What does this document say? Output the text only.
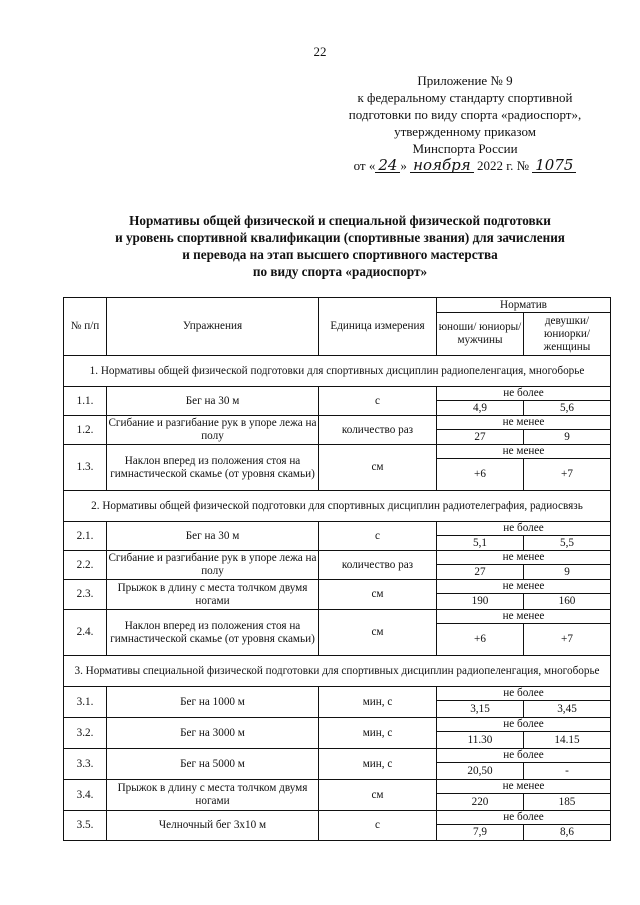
22
Приложение № 9
к федеральному стандарту спортивной
подготовки по виду спорта «радиоспорт»,
утвержденному приказом
Минспорта России
от « 24 » ноября 2022 г. № 1075
Нормативы общей физической и специальной физической подготовки
и уровень спортивной квалификации (спортивные звания) для зачисления
и перевода на этап высшего спортивного мастерства
по виду спорта «радиоспорт»
№ п/п	Упражнения	Единица измерения	Норматив	
			юноши/ юниоры/ мужчины	девушки/ юниорки/ женщины
1. Нормативы общей физической подготовки для спортивных дисциплин радиопеленгация, многоборье				
1.1.	Бег на 30 м	с	не более	
			4,9	5,6
1.2.	Сгибание и разгибание рук в упоре лежа на полу	количество раз	не менее	
			27	9
1.3.	Наклон вперед из положения стоя на гимнастической скамье (от уровня скамьи)	см	не менее	
			+6	+7
2. Нормативы общей физической подготовки для спортивных дисциплин радиотелеграфия, радиосвязь				
2.1.	Бег на 30 м	с	не более	
			5,1	5,5
2.2.	Сгибание и разгибание рук в упоре лежа на полу	количество раз	не менее	
			27	9
2.3.	Прыжок в длину с места толчком двумя ногами	см	не менее	
			190	160
2.4.	Наклон вперед из положения стоя на гимнастической скамье (от уровня скамьи)	см	не менее	
			+6	+7
3. Нормативы специальной физической подготовки для спортивных дисциплин радиопеленгация, многоборье				
3.1.	Бег на 1000 м	мин, с	не более	
			3,15	3,45
3.2.	Бег на 3000 м	мин, с	не более	
			11.30	14.15
3.3.	Бег на 5000 м	мин, с	не более	
			20,50	-
3.4.	Прыжок в длину с места толчком двумя ногами	см	не менее	
			220	185
3.5.	Челночный бег 3х10 м	с	не более	
			7,9	8,6
